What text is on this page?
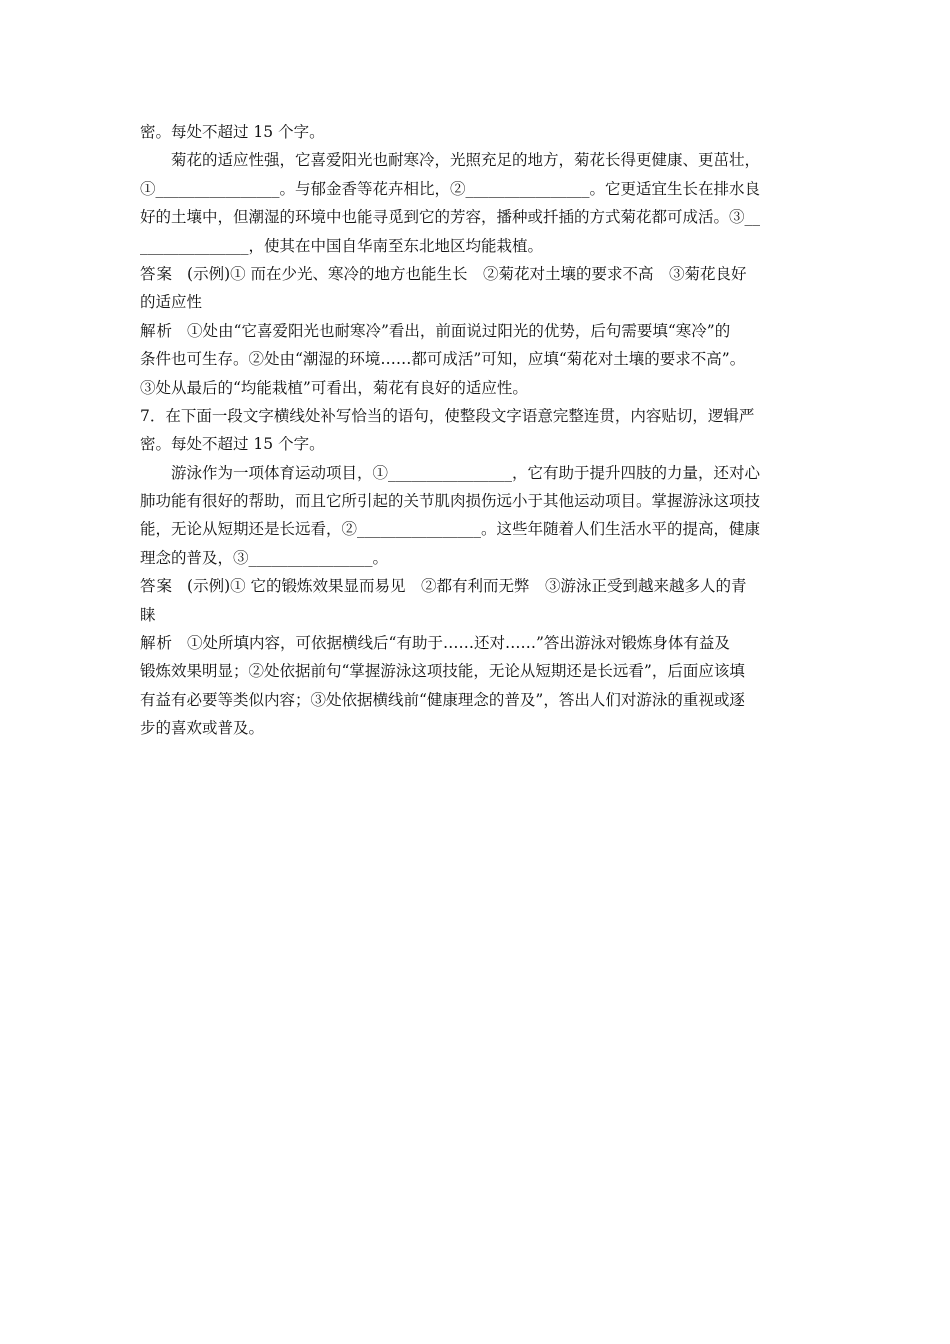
密。每处不超过 15 个字。
菊花的适应性强，它喜爱阳光也耐寒冷，光照充足的地方，菊花长得更健康、更茁壮，
①________________。与郁金香等花卉相比，②________________。它更适宜生长在排水良
好的土壤中，但潮湿的环境中也能寻觅到它的芳容，播种或扦插的方式菊花都可成活。③__
______________，使其在中国自华南至东北地区均能栽植。
答案 (示例)① 而在少光、寒冷的地方也能生长　②菊花对土壤的要求不高　③菊花良好
的适应性
解析 ①处由“它喜爱阳光也耐寒冷”看出，前面说过阳光的优势，后句需要填“寒冷”的
条件也可生存。②处由“潮湿的环境……都可成活”可知，应填“菊花对土壤的要求不高”。
③处从最后的“均能栽植”可看出，菊花有良好的适应性。
7．在下面一段文字横线处补写恰当的语句，使整段文字语意完整连贯，内容贴切，逻辑严
密。每处不超过 15 个字。
游泳作为一项体育运动项目，①________________，它有助于提升四肢的力量，还对心
肺功能有很好的帮助，而且它所引起的关节肌肉损伤远小于其他运动项目。掌握游泳这项技
能，无论从短期还是长远看，②________________。这些年随着人们生活水平的提高，健康
理念的普及，③________________。
答案 (示例)① 它的锻炼效果显而易见　②都有利而无弊　③游泳正受到越来越多人的青
睐
解析 ①处所填内容，可依据横线后“有助于……还对……”答出游泳对锻炼身体有益及
锻炼效果明显；②处依据前句“掌握游泳这项技能，无论从短期还是长远看”，后面应该填
有益有必要等类似内容；③处依据横线前“健康理念的普及”，答出人们对游泳的重视或逐
步的喜欢或普及。
